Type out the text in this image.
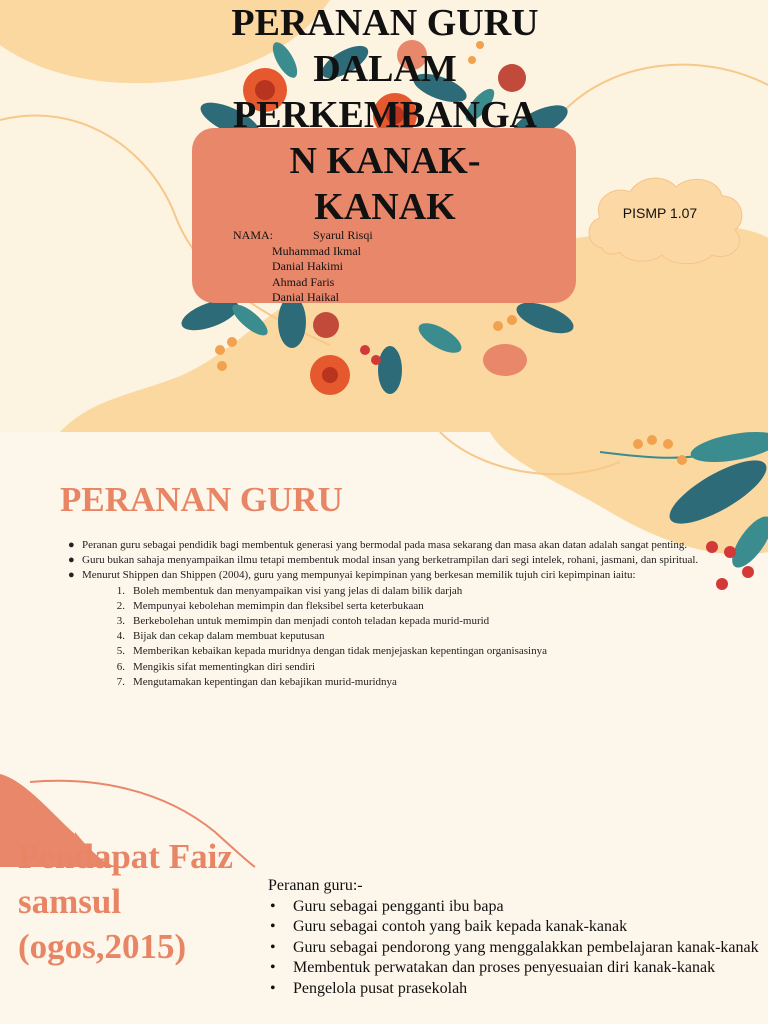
PERANAN GURU
DALAM
PERKEMBANGA
N KANAK-
KANAK
NAMA:	Syarul Risqi
Muhammad Ikmal
Danial Hakimi
Ahmad Faris
Danial Haikal
PISMP 1.07
PERANAN GURU
● Peranan guru sebagai pendidik bagi membentuk generasi yang bermodal pada masa sekarang dan masa akan datan adalah sangat penting.
● Guru bukan sahaja menyampaikan ilmu tetapi membentuk modal insan yang berketrampilan dari segi intelek, rohani, jasmani, dan spiritual.
● Menurut Shippen dan Shippen (2004), guru yang mempunyai kepimpinan yang berkesan memilik tujuh ciri kepimpinan iaitu:
1. Boleh membentuk dan menyampaikan visi yang jelas di dalam bilik darjah
2. Mempunyai kebolehan memimpin dan fleksibel serta keterbukaan
3. Berkebolehan untuk memimpin dan menjadi contoh teladan kepada murid-murid
4. Bijak dan cekap dalam membuat keputusan
5. Memberikan kebaikan kepada muridnya dengan tidak menjejaskan kepentingan organisasinya
6. Mengikis sifat mementingkan diri sendiri
7. Mengutamakan kepentingan dan kebajikan murid-muridnya
Pendapat Faiz
samsul
(ogos,2015)
Peranan guru:-
• Guru sebagai pengganti ibu bapa
• Guru sebagai contoh yang baik kepada kanak-kanak
• Guru sebagai pendorong yang menggalakkan pembelajaran kanak-kanak
• Membentuk perwatakan dan proses penyesuaian diri kanak-kanak
• Pengelola pusat prasekolah
